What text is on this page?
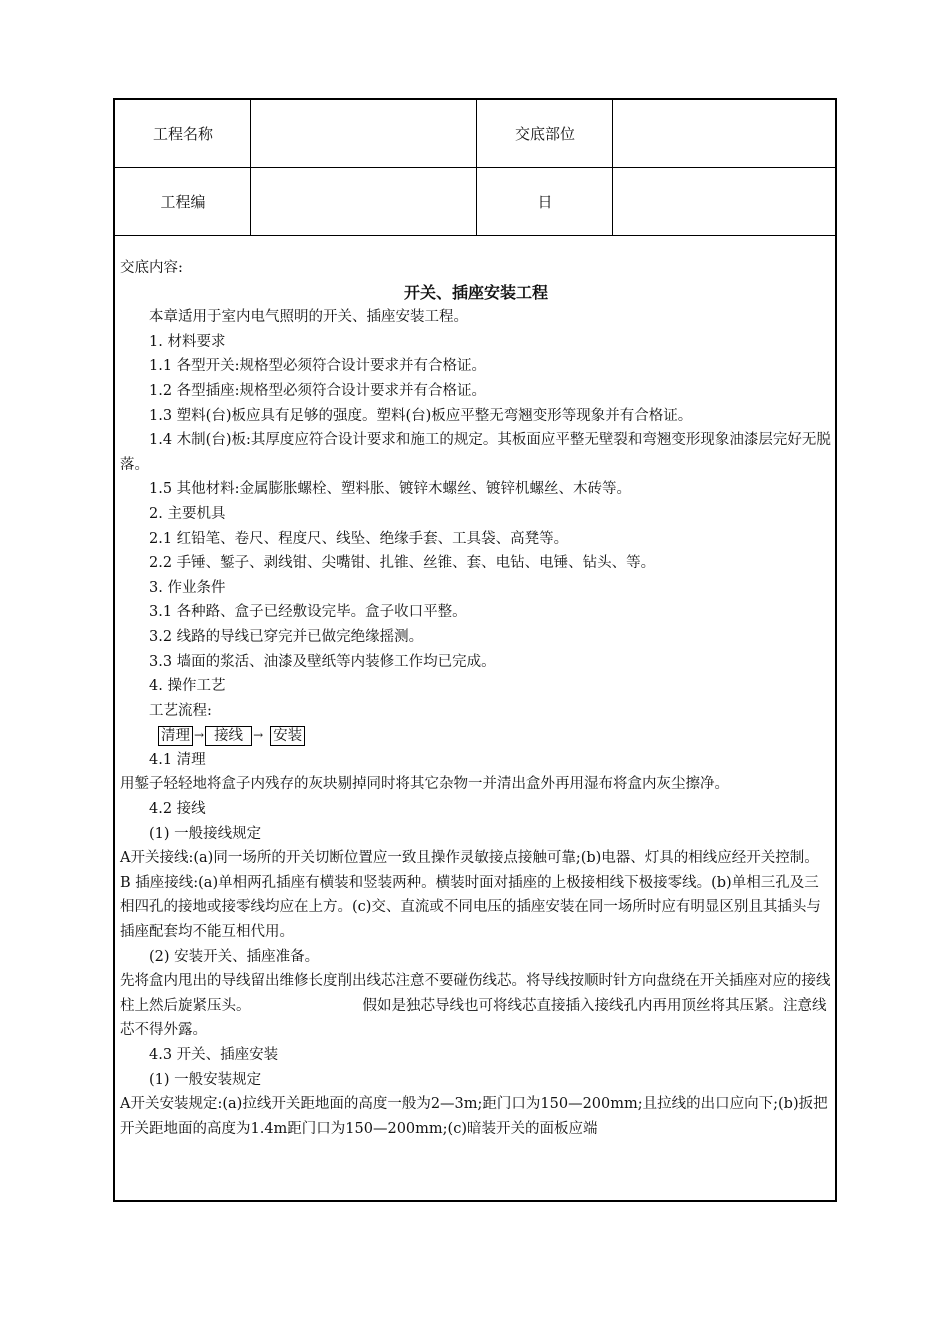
工程名称	交底部位
工程编	日

交底内容:

开关、插座安装工程

本章适用于室内电气照明的开关、插座安装工程。

1. 材料要求

1.1 各型开关:规格型必须符合设计要求并有合格证。

1.2 各型插座:规格型必须符合设计要求并有合格证。

1.3 塑料(台)板应具有足够的强度。塑料(台)板应平整无弯翘变形等现象并有合格证。

1.4 木制(台)板:其厚度应符合设计要求和施工的规定。其板面应平整无壁裂和弯翘变形现象油漆层完好无脱落。

1.5 其他材料:金属膨胀螺栓、塑料胀、镀锌木螺丝、镀锌机螺丝、木砖等。

2. 主要机具

2.1 红铅笔、卷尺、程度尺、线坠、绝缘手套、工具袋、高凳等。

2.2 手锤、錾子、剥线钳、尖嘴钳、扎锥、丝锥、套、电钻、电锤、钻头、等。

3. 作业条件

3.1 各种路、盒子已经敷设完毕。盒子收口平整。

3.2 线路的导线已穿完并已做完绝缘摇测。

3.3 墙面的浆活、油漆及壁纸等内装修工作均已完成。

4. 操作工艺

工艺流程:

清理 → 接线 → 安装

4.1 清理

用錾子轻轻地将盒子内残存的灰块剔掉同时将其它杂物一并清出盒外再用湿布将盒内灰尘擦净。

4.2 接线

(1) 一般接线规定

A开关接线:(a)同一场所的开关切断位置应一致且操作灵敏接点接触可靠;(b)电器、灯具的相线应经开关控制。

B 插座接线:(a)单相两孔插座有横装和竖装两种。横装时面对插座的上极接相线下极接零线。(b)单相三孔及三相四孔的接地或接零线均应在上方。(c)交、直流或不同电压的插座安装在同一场所时应有明显区别且其插头与插座配套均不能互相代用。

(2) 安装开关、插座准备。

先将盒内甩出的导线留出维修长度削出线芯注意不要碰伤线芯。将导线按顺时针方向盘绕在开关插座对应的接线柱上然后旋紧压头。	假如是独芯导线也可将线芯直接插入接线孔内再用顶丝将其压紧。注意线芯不得外露。

4.3 开关、插座安装

(1) 一般安装规定

A开关安装规定:(a)拉线开关距地面的高度一般为2—3m;距门口为150—200mm;且拉线的出口应向下;(b)扳把开关距地面的高度为1.4m距门口为150—200mm;(c)暗装开关的面板应端
